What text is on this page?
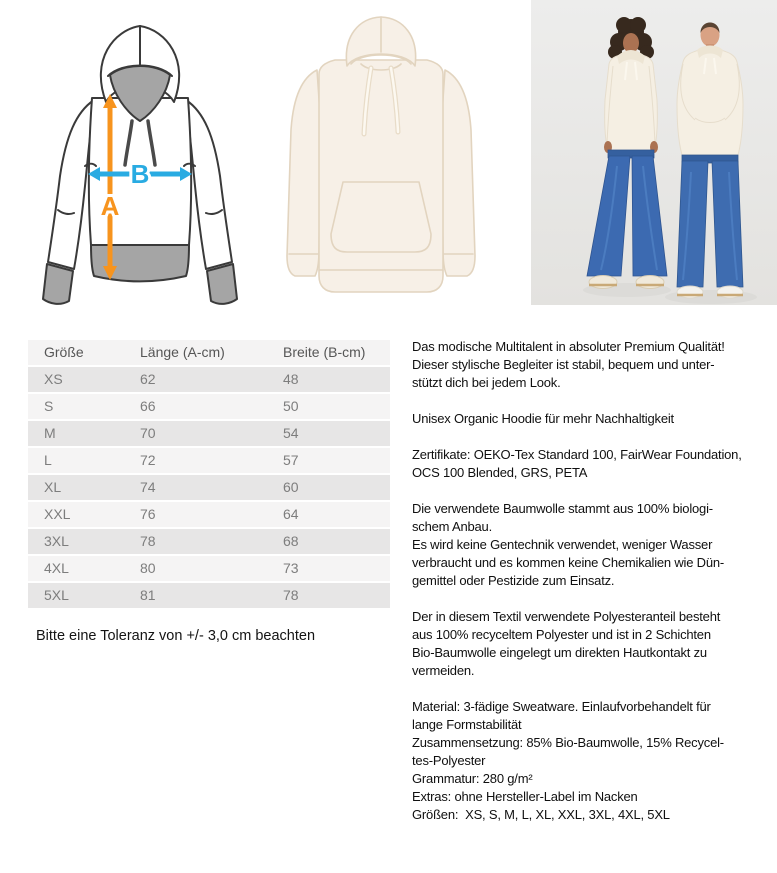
A
B
Größe	Länge (A-cm)	Breite (B-cm)
XS	62	48
S	66	50
M	70	54
L	72	57
XL	74	60
XXL	76	64
3XL	78	68
4XL	80	73
5XL	81	78
Bitte eine Toleranz von +/- 3,0 cm beachten
Das modische Multitalent in absoluter Premium Qualität!
Dieser stylische Begleiter ist stabil, bequem und unter-
stützt dich bei jedem Look.
Unisex Organic Hoodie für mehr Nachhaltigkeit
Zertifikate: OEKO-Tex Standard 100, FairWear Foundation,
OCS 100 Blended, GRS, PETA
Die verwendete Baumwolle stammt aus 100% biologi-
schem Anbau.
Es wird keine Gentechnik verwendet, weniger Wasser
verbraucht und es kommen keine Chemikalien wie Dün-
gemittel oder Pestizide zum Einsatz.
Der in diesem Textil verwendete Polyesteranteil besteht
aus 100% recyceltem Polyester und ist in 2 Schichten
Bio-Baumwolle eingelegt um direkten Hautkontakt zu
vermeiden.
Material: 3-fädige Sweatware. Einlaufvorbehandelt für
lange Formstabilität
Zusammensetzung: 85% Bio-Baumwolle, 15% Recycel-
tes-Polyester
Grammatur: 280 g/m²
Extras: ohne Hersteller-Label im Nacken
Größen:  XS, S, M, L, XL, XXL, 3XL, 4XL, 5XL
